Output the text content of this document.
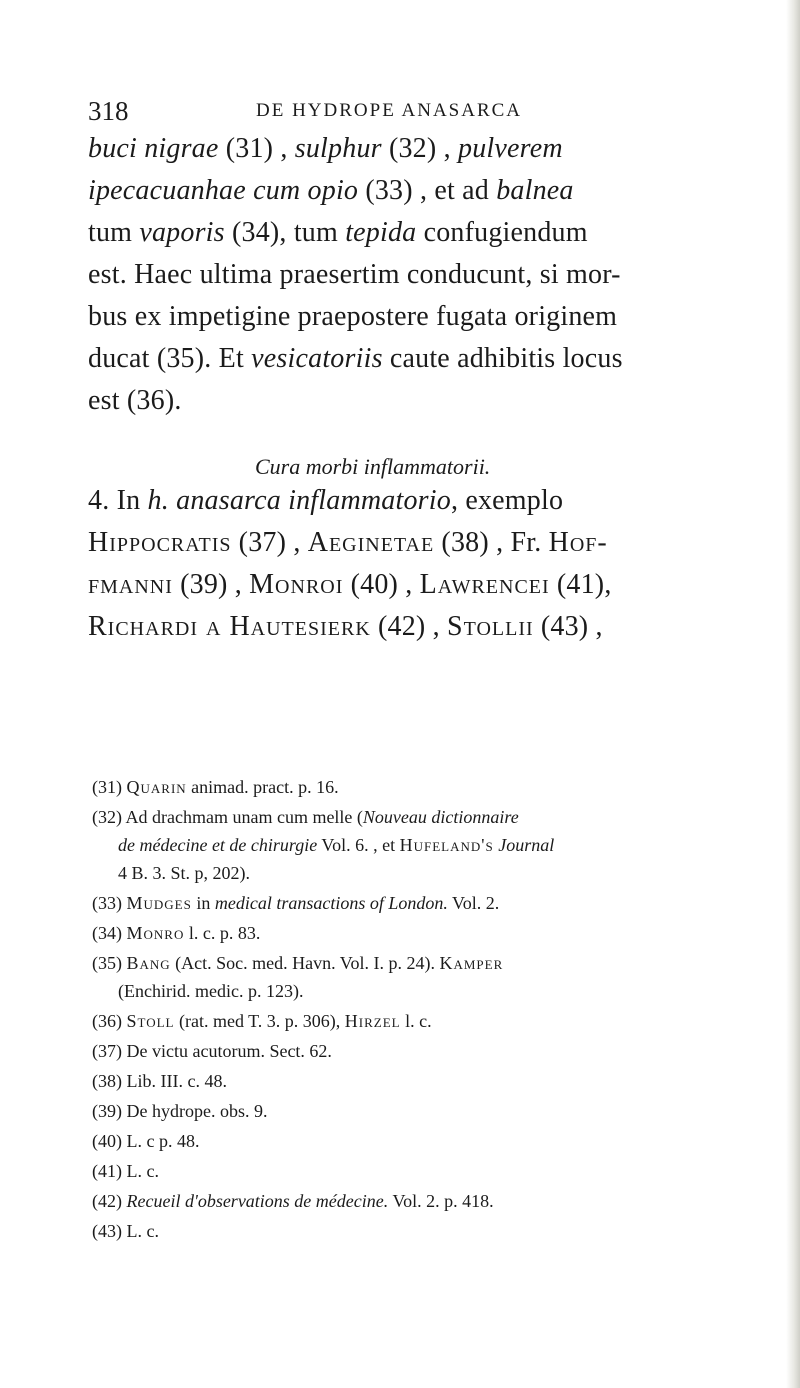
318	DE HYDROPE ANASARCA
buci nigrae (31) , sulphur (32) , pulverem
ipecacuanhae cum opio (33) , et ad balnea
tum vaporis (34), tum tepida confugiendum
est. Haec ultima praesertim conducunt, si mor-
bus ex impetigine praepostere fugata originem
ducat (35). Et vesicatoriis caute adhibitis locus
est (36).
4. In h. anasarca inflammatorio, exemplo
Hippocratis (37) , Aeginetae (38) , Fr. Hof-
fmanni (39) , Monroi (40) , Lawrencei (41),
Richardi a Hautesierk (42) , Stollii (43) ,
Cura morbi inflammatorii.
(31) Quarin animad. pract. p. 16.
(32) Ad drachmam unam cum melle (Nouveau dictionnaire
de médecine et de chirurgie Vol. 6. , et Hufeland's Journal
4 B. 3. St. p, 202).
(33) Mudges in medical transactions of London. Vol. 2.
(34) Monro l. c. p. 83.
(35) Bang (Act. Soc. med. Havn. Vol. I. p. 24). Kamper
(Enchirid. medic. p. 123).
(36) Stoll (rat. med T. 3. p. 306), Hirzel l. c.
(37) De victu acutorum. Sect. 62.
(38) Lib. III. c. 48.
(39) De hydrope. obs. 9.
(40) L. c p. 48.
(41) L. c.
(42) Recueil d'observations de médecine. Vol. 2. p. 418.
(43) L. c.
